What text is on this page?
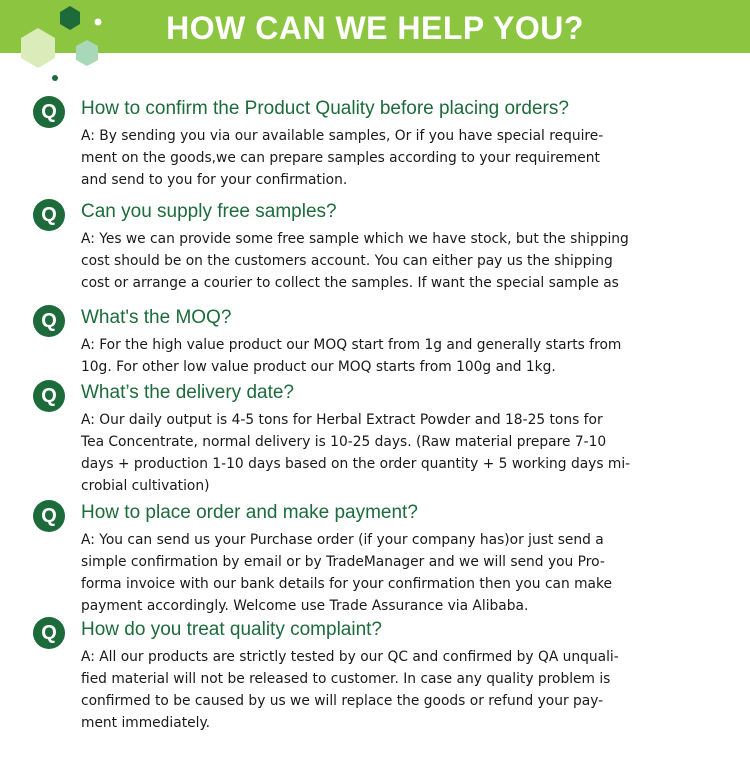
HOW CAN WE HELP YOU?
Q	How to confirm the Product Quality before placing orders?
A: By sending you via our available samples, Or if you have special require-
ment on the goods,we can prepare samples according to your requirement
and send to you for your confirmation.
Q	Can you supply free samples?
A: Yes we can provide some free sample which we have stock, but the shipping
cost should be on the customers account. You can either pay us the shipping
cost or arrange a courier to collect the samples. If want the special sample as
Q	What's the MOQ?
A: For the high value product our MOQ start from 1g and generally starts from
10g. For other low value product our MOQ starts from 100g and 1kg.
Q	What’s the delivery date?
A: Our daily output is 4-5 tons for Herbal Extract Powder and 18-25 tons for
Tea Concentrate, normal delivery is 10-25 days. (Raw material prepare 7-10
days + production 1-10 days based on the order quantity + 5 working days mi-
crobial cultivation)
Q	How to place order and make payment?
A: You can send us your Purchase order (if your company has)or just send a
simple confirmation by email or by TradeManager and we will send you Pro-
forma invoice with our bank details for your confirmation then you can make
payment accordingly. Welcome use Trade Assurance via Alibaba.
Q	How do you treat quality complaint?
A: All our products are strictly tested by our QC and confirmed by QA unquali-
fied material will not be released to customer. In case any quality problem is
confirmed to be caused by us we will replace the goods or refund your pay-
ment immediately.
